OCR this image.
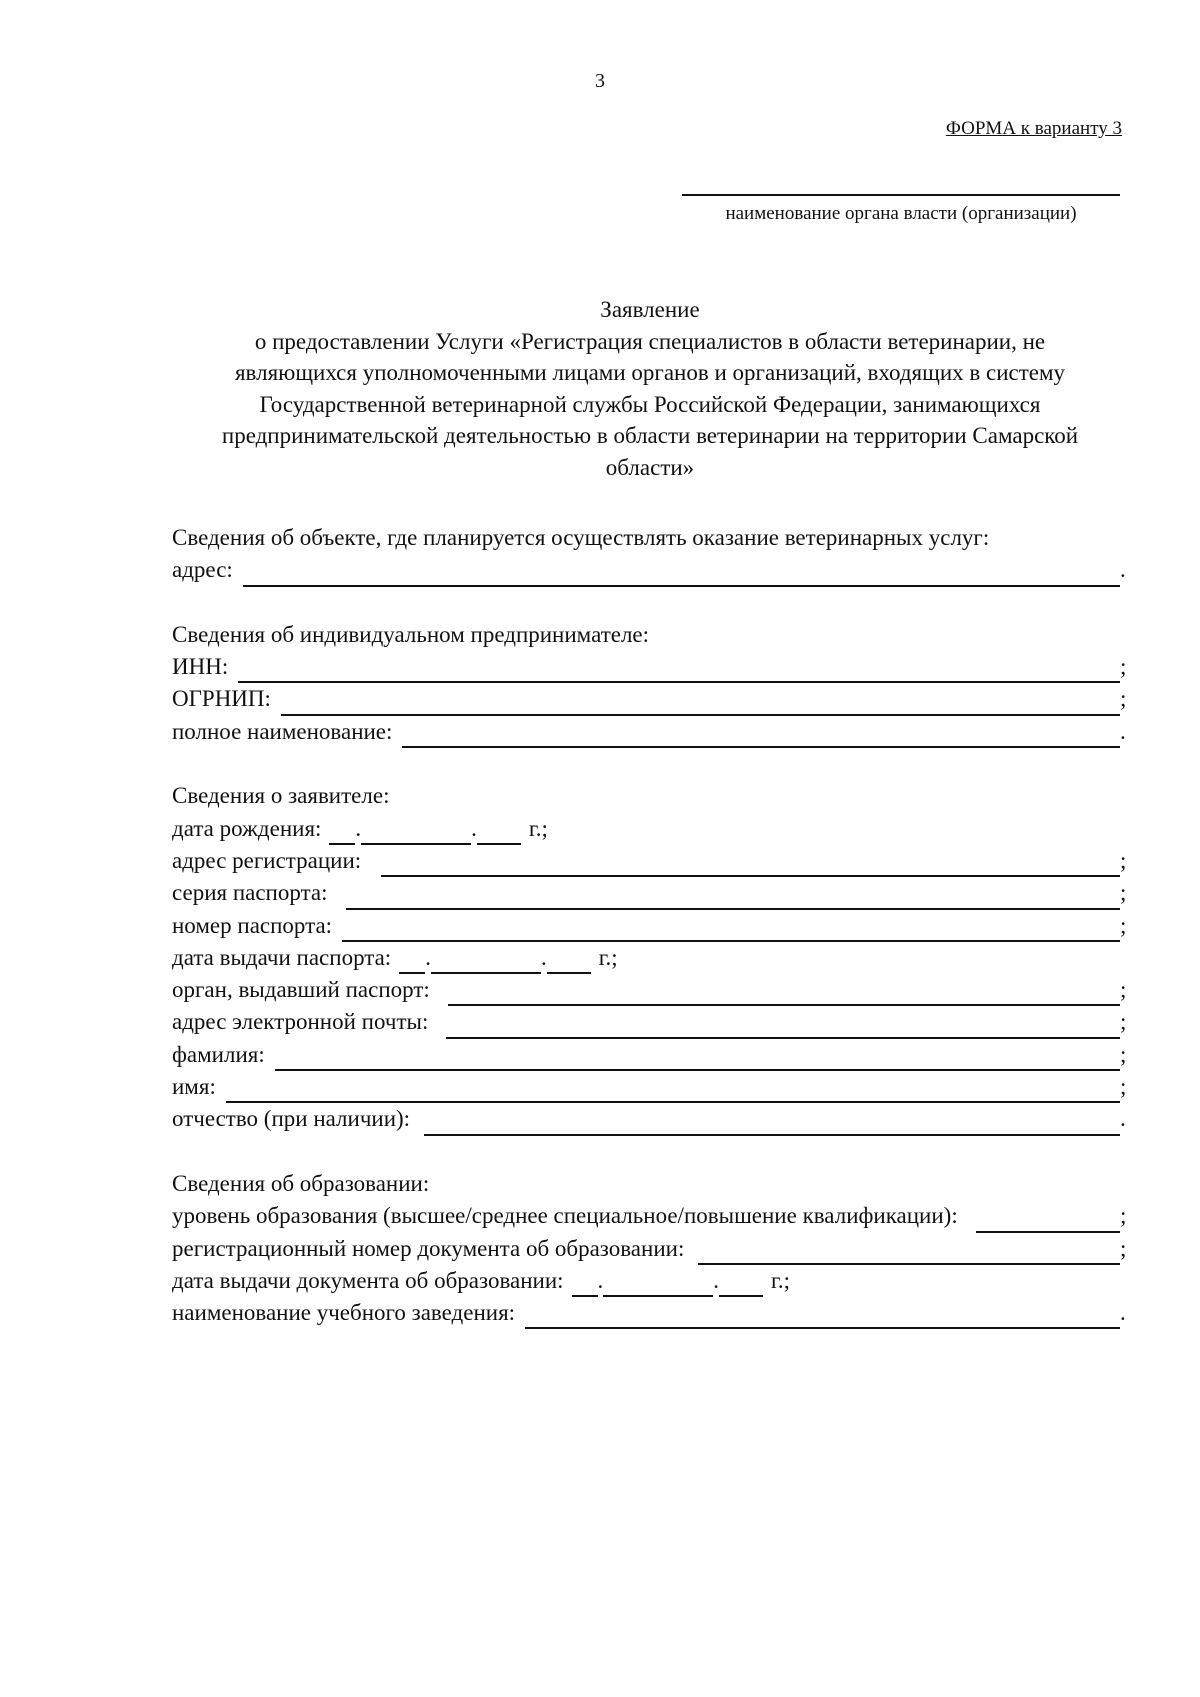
3
ФОРМА к варианту 3
наименование органа власти (организации)

Заявление

о предоставлении Услуги «Регистрация специалистов в области ветеринарии, не

являющихся уполномоченными лицами органов и организаций, входящих в систему

Государственной ветеринарной службы Российской Федерации, занимающихся

предпринимательской деятельностью в области ветеринарии на территории Самарской

области»

Сведения об объекте, где планируется осуществлять оказание ветеринарных услуг:
адрес:	.
Сведения об индивидуальном предпринимателе:
ИНН:	;
ОГРНИП:	;
полное наименование:	.
Сведения о заявителе:
дата рождения: .	. г.;
адрес регистрации:	;
серия паспорта:	;
номер паспорта:	;
дата выдачи паспорта: .	. г.;
орган, выдавший паспорт:	;
адрес электронной почты:	;
фамилия:	;
имя:	;
отчество (при наличии):	.
Сведения об образовании:
уровень образования (высшее/среднее специальное/повышение квалификации):	;
регистрационный номер документа об образовании:	;
дата выдачи документа об образовании: .	. г.;
наименование учебного заведения:	.
